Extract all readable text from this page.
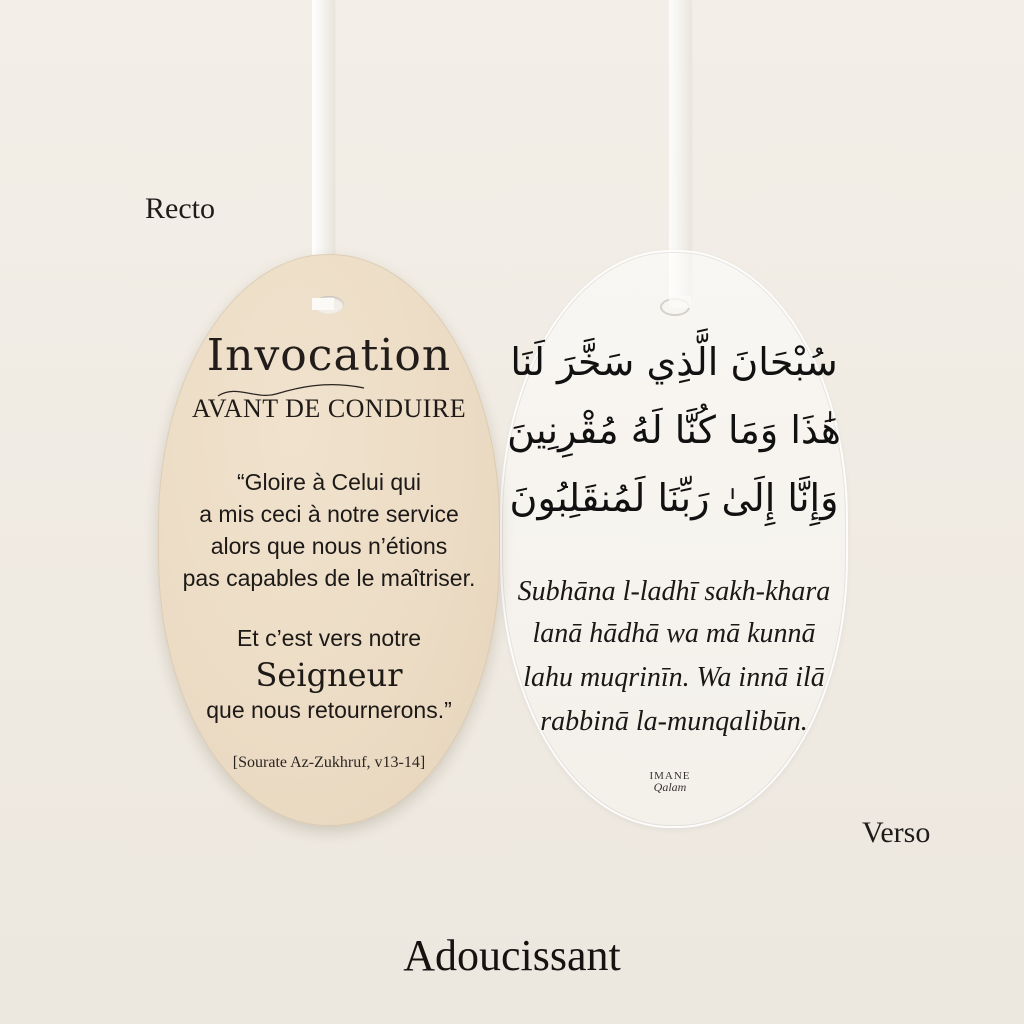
Recto
Verso
سُبْحَانَ الَّذِي سَخَّرَ لَنَا
هَٰذَا وَمَا كُنَّا لَهُ مُقْرِنِينَ
وَإِنَّا إِلَىٰ رَبِّنَا لَمُنقَلِبُونَ
Subhāna l-ladhī sakh-khara
lanā hādhā wa mā kunnā
lahu muqrinīn. Wa innā ilā
rabbinā la-munqalibūn.
IMANE
Qalam
Invocation
AVANT DE CONDUIRE
“Gloire à Celui qui
a mis ceci à notre service
alors que nous n’étions
pas capables de le maîtriser.
Et c’est vers notre
Seigneur
que nous retournerons.”
[Sourate Az-Zukhruf, v13-14]
Adoucissant
